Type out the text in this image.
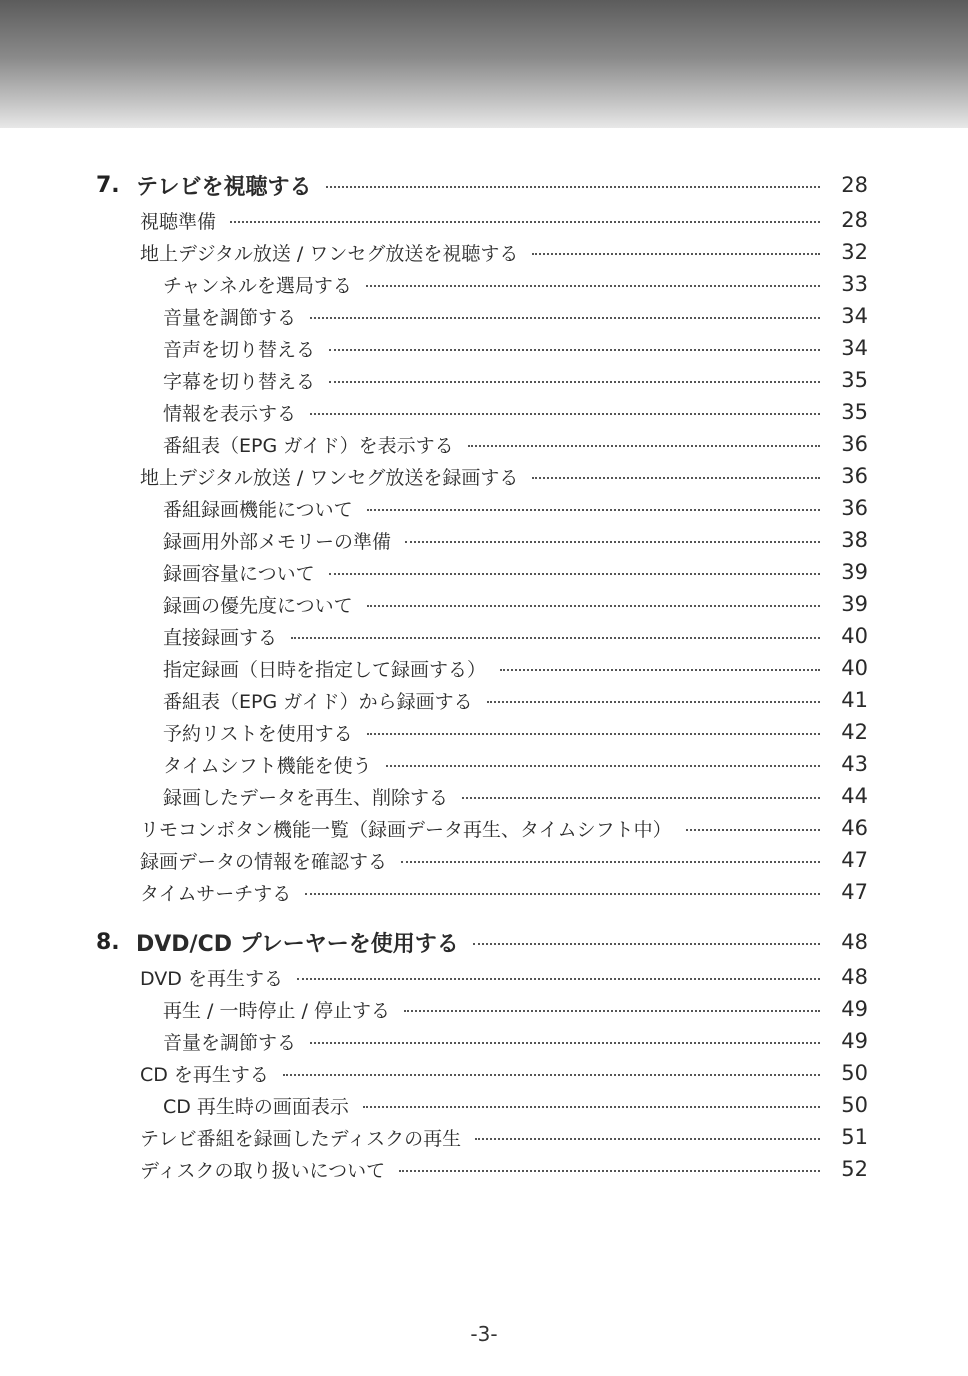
7. テレビを視聴する	28
視聴準備	28
地上デジタル放送 / ワンセグ放送を視聴する	32
チャンネルを選局する	33
音量を調節する	34
音声を切り替える	34
字幕を切り替える	35
情報を表示する	35
番組表（EPG ガイド）を表示する	36
地上デジタル放送 / ワンセグ放送を録画する	36
番組録画機能について	36
録画用外部メモリーの準備	38
録画容量について	39
録画の優先度について	39
直接録画する	40
指定録画（日時を指定して録画する）	40
番組表（EPG ガイド）から録画する	41
予約リストを使用する	42
タイムシフト機能を使う	43
録画したデータを再生、削除する	44
リモコンボタン機能一覧（録画データ再生、タイムシフト中）	46
録画データの情報を確認する	47
タイムサーチする	47
8. DVD/CD プレーヤーを使用する	48
DVD を再生する	48
再生 / 一時停止 / 停止する	49
音量を調節する	49
CD を再生する	50
CD 再生時の画面表示	50
テレビ番組を録画したディスクの再生	51
ディスクの取り扱いについて	52
-3-
